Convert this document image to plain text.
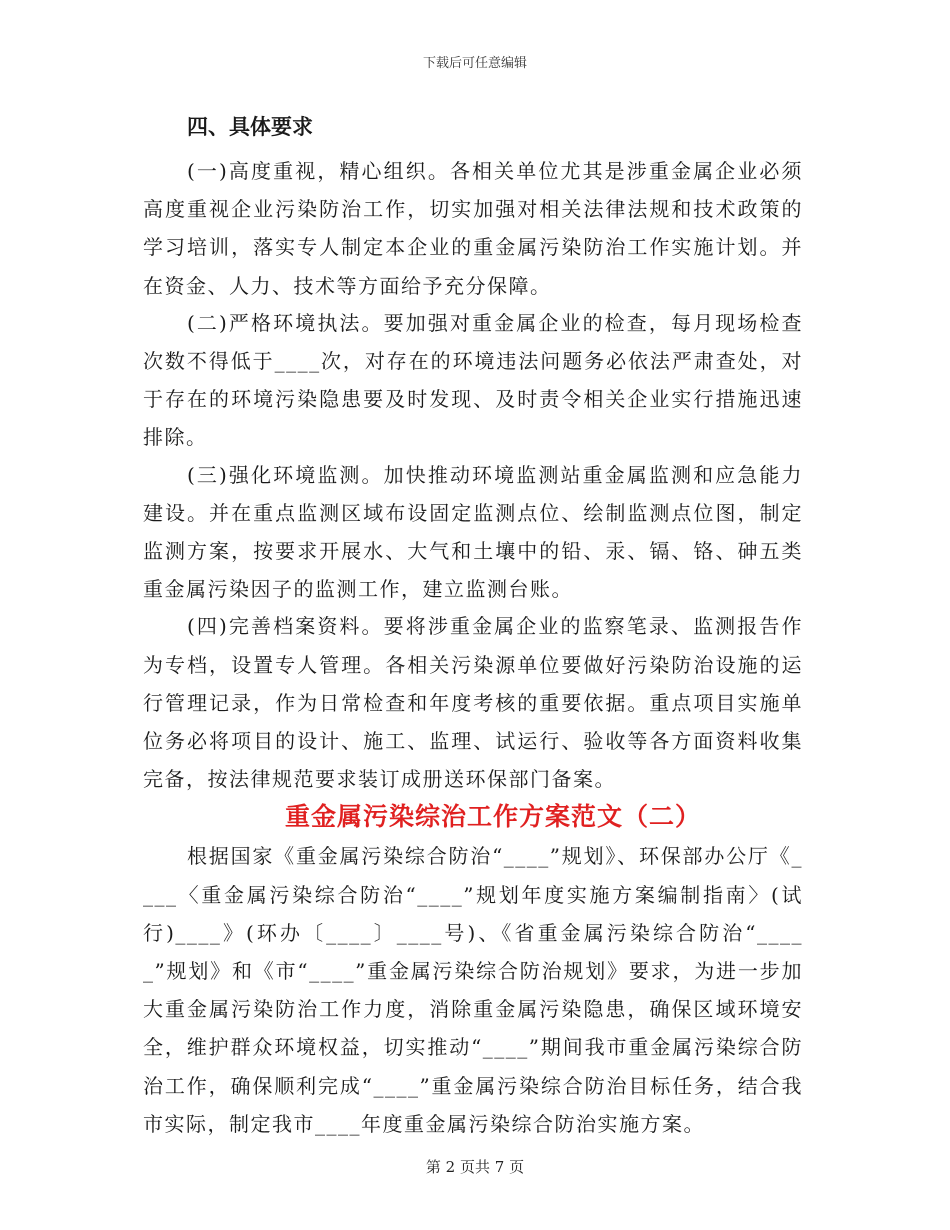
下载后可任意编辑
四、具体要求

(一)高度重视，精心组织。各相关单位尤其是涉重金属企业必须高度重视企业污染防治工作，切实加强对相关法律法规和技术政策的学习培训，落实专人制定本企业的重金属污染防治工作实施计划。并在资金、人力、技术等方面给予充分保障。

(二)严格环境执法。要加强对重金属企业的检查，每月现场检查次数不得低于____次，对存在的环境违法问题务必依法严肃查处，对于存在的环境污染隐患要及时发现、及时责令相关企业实行措施迅速排除。

(三)强化环境监测。加快推动环境监测站重金属监测和应急能力建设。并在重点监测区域布设固定监测点位、绘制监测点位图，制定监测方案，按要求开展水、大气和土壤中的铅、汞、镉、铬、砷五类重金属污染因子的监测工作，建立监测台账。

(四)完善档案资料。要将涉重金属企业的监察笔录、监测报告作为专档，设置专人管理。各相关污染源单位要做好污染防治设施的运行管理记录，作为日常检查和年度考核的重要依据。重点项目实施单位务必将项目的设计、施工、监理、试运行、验收等各方面资料收集完备，按法律规范要求装订成册送环保部门备案。

重金属污染综治工作方案范文（二）

根据国家《重金属污染综合防治“____”规划》、环保部办公厅《____〈重金属污染综合防治“____”规划年度实施方案编制指南〉(试行)____》(环办〔____〕____号)、《省重金属污染综合防治“_____”规划》和《市“____”重金属污染综合防治规划》要求，为进一步加大重金属污染防治工作力度，消除重金属污染隐患，确保区域环境安全，维护群众环境权益，切实推动“____”期间我市重金属污染综合防治工作，确保顺利完成“____”重金属污染综合防治目标任务，结合我市实际，制定我市____年度重金属污染综合防治实施方案。

第 2 页共 7 页
